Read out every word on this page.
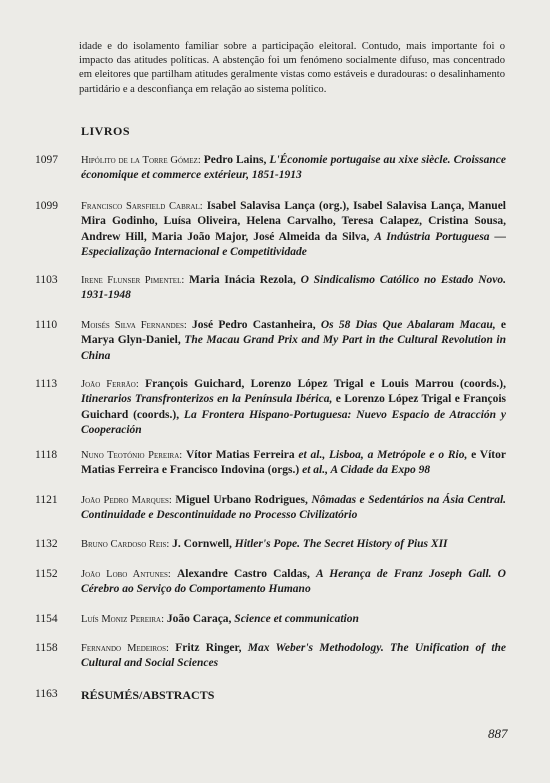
idade e do isolamento familiar sobre a participação eleitoral. Contudo, mais importante foi o impacto das atitudes políticas. A abstenção foi um fenómeno socialmente difuso, mas concentrado em eleitores que partilham atitudes geralmente vistas como estáveis e duradouras: o desalinhamento partidário e a desconfiança em relação ao sistema político.

LIVROS
1097	Hipólito de la Torre Gómez: Pedro Lains, L'Économie portugaise au xixe siècle. Croissance économique et commerce extérieur, 1851-1913
1099	Francisco Sarsfield Cabral: Isabel Salavisa Lança (org.), Isabel Salavisa Lança, Manuel Mira Godinho, Luísa Oliveira, Helena Carvalho, Teresa Calapez, Cristina Sousa, Andrew Hill, Maria João Major, José Almeida da Silva, A Indústria Portuguesa — Especialização Internacional e Competitividade
1103	Irene Flunser Pimentel: Maria Inácia Rezola, O Sindicalismo Católico no Estado Novo. 1931-1948
1110	Moisés Silva Fernandes: José Pedro Castanheira, Os 58 Dias Que Abalaram Macau, e Marya Glyn-Daniel, The Macau Grand Prix and My Part in the Cultural Revolution in China
1113	João Ferrão: François Guichard, Lorenzo López Trigal e Louis Marrou (coords.), Itinerarios Transfronterizos en la Península Ibérica, e Lorenzo López Trigal e François Guichard (coords.), La Frontera Hispano-Portuguesa: Nuevo Espacio de Atracción y Cooperación
1118	Nuno Teotónio Pereira: Vítor Matias Ferreira et al., Lisboa, a Metrópole e o Rio, e Vítor Matias Ferreira e Francisco Indovina (orgs.) et al., A Cidade da Expo 98
1121	João Pedro Marques: Miguel Urbano Rodrigues, Nômadas e Sedentários na Ásia Central. Continuidade e Descontinuidade no Processo Civilizatório
1132	Bruno Cardoso Reis: J. Cornwell, Hitler's Pope. The Secret History of Pius XII
1152	João Lobo Antunes: Alexandre Castro Caldas, A Herança de Franz Joseph Gall. O Cérebro ao Serviço do Comportamento Humano
1154	Luís Moniz Pereira: João Caraça, Science et communication
1158	Fernando Medeiros: Fritz Ringer, Max Weber's Methodology. The Unification of the Cultural and Social Sciences
1163 RÉSUMÉS/ABSTRACTS
887
